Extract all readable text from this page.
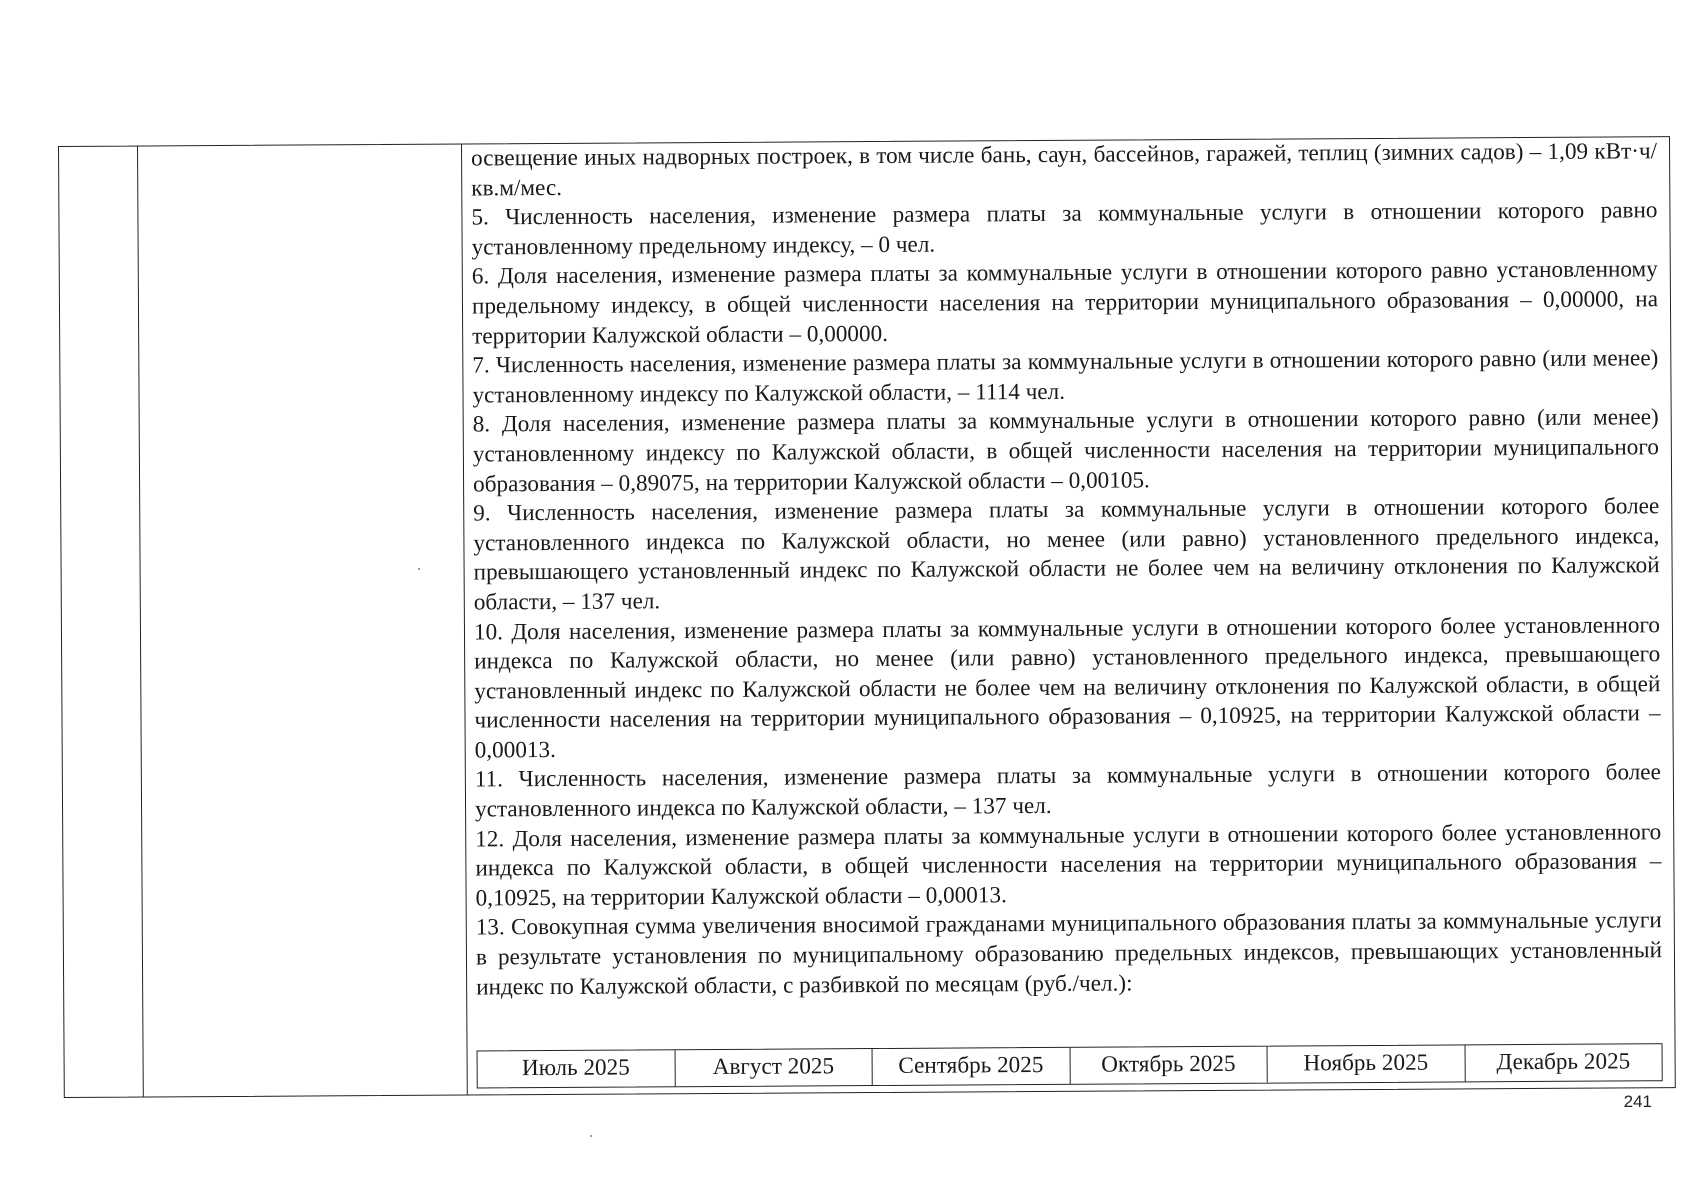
освещение иных надворных построек, в том числе бань, саун, бассейнов, гаражей, теплиц (зимних садов) – 1,09 кВт·ч/кв.м/мес.

5. Численность населения, изменение размера платы за коммунальные услуги в отношении которого равно установленному предельному индексу, – 0 чел.

6. Доля населения, изменение размера платы за коммунальные услуги в отношении которого равно установленному предельному индексу, в общей численности населения на территории муниципального образования – 0,00000, на территории Калужской области – 0,00000.

7. Численность населения, изменение размера платы за коммунальные услуги в отношении которого равно (или менее) установленному индексу по Калужской области, – 1114 чел.

8. Доля населения, изменение размера платы за коммунальные услуги в отношении которого равно (или менее) установленному индексу по Калужской области, в общей численности населения на территории муниципального образования – 0,89075, на территории Калужской области – 0,00105.

9. Численность населения, изменение размера платы за коммунальные услуги в отношении которого более установленного индекса по Калужской области, но менее (или равно) установленного предельного индекса, превышающего установленный индекс по Калужской области не более чем на величину отклонения по Калужской области, – 137 чел.

10. Доля населения, изменение размера платы за коммунальные услуги в отношении которого более установленного индекса по Калужской области, но менее (или равно) установленного предельного индекса, превышающего установленный индекс по Калужской области не более чем на величину отклонения по Калужской области, в общей численности населения на территории муниципального образования – 0,10925, на территории Калужской области – 0,00013.

11. Численность населения, изменение размера платы за коммунальные услуги в отношении которого более установленного индекса по Калужской области, – 137 чел.

12. Доля населения, изменение размера платы за коммунальные услуги в отношении которого более установленного индекса по Калужской области, в общей численности населения на территории муниципального образования – 0,10925, на территории Калужской области – 0,00013.

13. Совокупная сумма увеличения вносимой гражданами муниципального образования платы за коммунальные услуги в результате установления по муниципальному образованию предельных индексов, превышающих установленный индекс по Калужской области, с разбивкой по месяцам (руб./чел.):

Июль 2025	Август 2025	Сентябрь 2025	Октябрь 2025	Ноябрь 2025	Декабрь 2025
241
